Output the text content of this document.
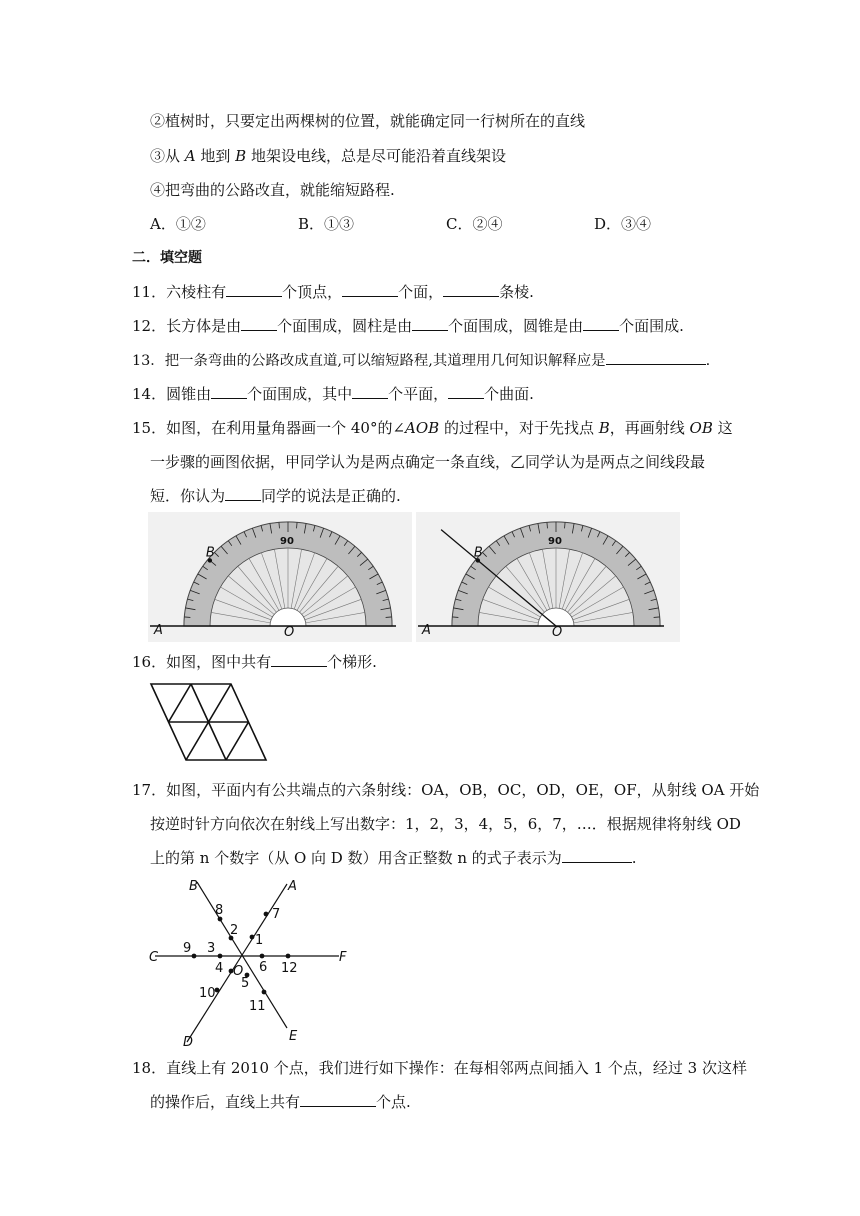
②植树时，只要定出两棵树的位置，就能确定同一行树所在的直线
③从 A 地到 B 地架设电线，总是尽可能沿着直线架设
④把弯曲的公路改直，就能缩短路程.
A．①②	B．①③	C．②④	D．③④
二．填空题
11．六棱柱有	个顶点，	个面，	条棱.
12．长方体是由 个面围成，圆柱是由 个面围成，圆锥是由 个面围成.
13．把一条弯曲的公路改成直道,可以缩短路程,其道理用几何知识解释应是	.
14．圆锥由 个面围成，其中 个平面， 个曲面.
15．如图，在利用量角器画一个 40°的∠AOB 的过程中，对于先找点 B，再画射线 OB 这
一步骤的画图依据，甲同学认为是两点确定一条直线，乙同学认为是两点之间线段最
短．你认为 同学的说法是正确的.
90
A	O
B
90
A	O
B
16．如图，图中共有	个梯形.
17．如图，平面内有公共端点的六条射线：OA，OB，OC，OD，OE，OF，从射线 OA 开始
按逆时针方向依次在射线上写出数字：1，2，3，4，5，6，7，…．根据规律将射线 OD
上的第 n 个数字（从 O 向 D 数）用含正整数 n 的式子表示为	.
A
B
C
D	E
F
O
1
2
3
4
5
6
7
8
9
10
11
12
18．直线上有 2010 个点，我们进行如下操作：在每相邻两点间插入 1 个点，经过 3 次这样
的操作后，直线上共有	个点.
